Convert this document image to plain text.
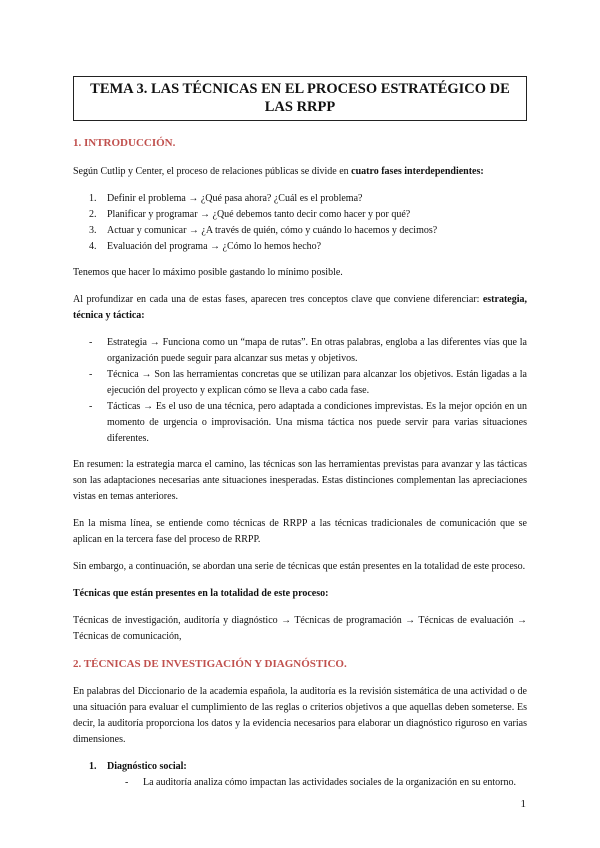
TEMA 3. LAS TÉCNICAS EN EL PROCESO ESTRATÉGICO DE LAS RRPP
1. INTRODUCCIÓN.

Según Cutlip y Center, el proceso de relaciones públicas se divide en cuatro fases interdependientes:

1. Definir el problema → ¿Qué pasa ahora? ¿Cuál es el problema?
2. Planificar y programar → ¿Qué debemos tanto decir como hacer y por qué?
3. Actuar y comunicar → ¿A través de quién, cómo y cuándo lo hacemos y decimos?
4. Evaluación del programa → ¿Cómo lo hemos hecho?

Tenemos que hacer lo máximo posible gastando lo mínimo posible.

Al profundizar en cada una de estas fases, aparecen tres conceptos clave que conviene diferenciar: estrategia, técnica y táctica:

- Estrategia → Funciona como un “mapa de rutas”. En otras palabras, engloba a las diferentes vías que la organización puede seguir para alcanzar sus metas y objetivos.
- Técnica → Son las herramientas concretas que se utilizan para alcanzar los objetivos. Están ligadas a la ejecución del proyecto y explican cómo se lleva a cabo cada fase.
- Tácticas → Es el uso de una técnica, pero adaptada a condiciones imprevistas. Es la mejor opción en un momento de urgencia o improvisación. Una misma táctica nos puede servir para varias situaciones diferentes.

En resumen: la estrategia marca el camino, las técnicas son las herramientas previstas para avanzar y las tácticas son las adaptaciones necesarias ante situaciones inesperadas. Estas distinciones complementan las apreciaciones vistas en temas anteriores.

En la misma línea, se entiende como técnicas de RRPP a las técnicas tradicionales de comunicación que se aplican en la tercera fase del proceso de RRPP.

Sin embargo, a continuación, se abordan una serie de técnicas que están presentes en la totalidad de este proceso.

Técnicas que están presentes en la totalidad de este proceso:

Técnicas de investigación, auditoría y diagnóstico → Técnicas de programación → Técnicas de evaluación → Técnicas de comunicación,

2. TÉCNICAS DE INVESTIGACIÓN Y DIAGNÓSTICO.

En palabras del Diccionario de la academia española, la auditoría es la revisión sistemática de una actividad o de una situación para evaluar el cumplimiento de las reglas o criterios objetivos a que aquellas deben someterse. Es decir, la auditoría proporciona los datos y la evidencia necesarios para elaborar un diagnóstico riguroso en varias dimensiones.

1. Diagnóstico social:
- La auditoría analiza cómo impactan las actividades sociales de la organización en su entorno.
1
